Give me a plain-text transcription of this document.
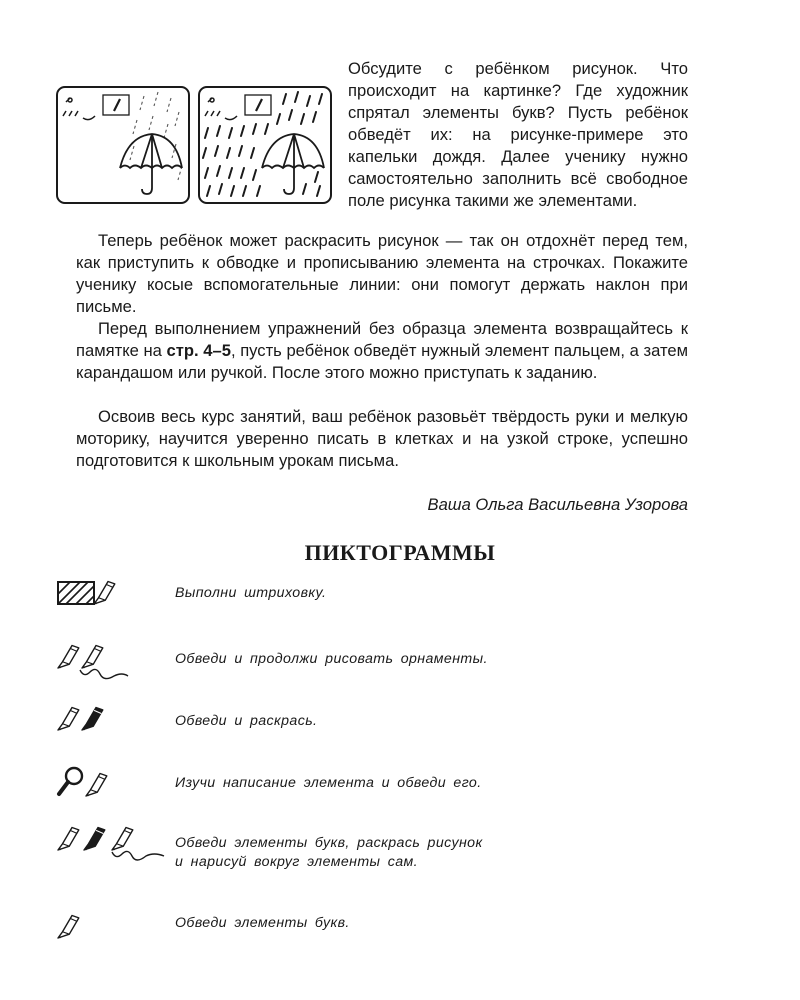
Обсудите с ребёнком рисунок. Что происходит на картинке? Где художник спрятал элементы букв? Пусть ребёнок обведёт их: на рисунке-примере это капельки дождя. Далее ученику нужно самостоятельно заполнить всё свободное поле рисунка такими же элементами.

Теперь ребёнок может раскрасить рисунок — так он отдохнёт перед тем, как приступить к обводке и прописыванию элемента на строчках. Покажите ученику косые вспомогательные линии: они помогут держать наклон при письме.

Перед выполнением упражнений без образца элемента возвращайтесь к памятке на стр. 4–5, пусть ребёнок обведёт нужный элемент пальцем, а затем карандашом или ручкой. После этого можно приступать к заданию.

Освоив весь курс занятий, ваш ребёнок разовьёт твёрдость руки и мелкую моторику, научится уверенно писать в клетках и на узкой строке, успешно подготовится к школьным урокам письма.

Ваша Ольга Васильевна Узорова
ПИКТОГРАММЫ
Выполни штриховку.
Обведи и продолжи рисовать орнаменты.
Обведи и раскрась.
Изучи написание элемента и обведи его.
Обведи элементы букв, раскрась рисунок
и нарисуй вокруг элементы сам.
Обведи элементы букв.
